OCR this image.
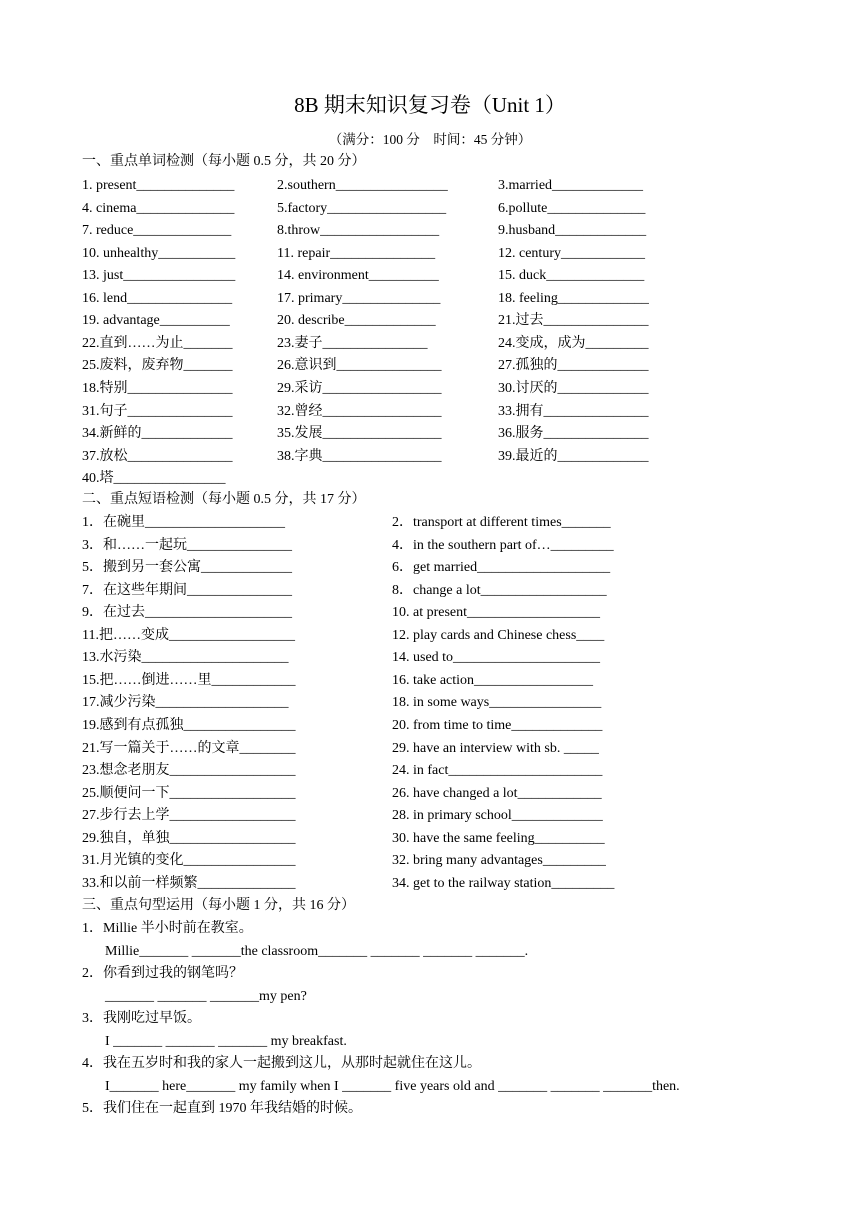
8B 期末知识复习卷（Unit 1）
（满分：100 分　时间：45 分钟）
一、重点单词检测（每小题 0.5 分，共 20 分）
1. present______________	2.southern________________	3.married_____________
4. cinema______________	5.factory_________________	6.pollute______________
7. reduce______________	8.throw_________________	9.husband_____________
10. unhealthy___________	11. repair_______________	12. century____________
13. just________________	14. environment__________	15. duck______________
16. lend_______________	17. primary______________	18. feeling_____________
19. advantage__________	20. describe_____________	21.过去_______________
22.直到……为止_______	23.妻子_______________	24.变成，成为_________
25.废料，废弃物_______	26.意识到_______________	27.孤独的_____________
18.特别_______________	29.采访_________________	30.讨厌的_____________
31.句子_______________	32.曾经_________________	33.拥有_______________
34.新鲜的_____________	35.发展_________________	36.服务_______________
37.放松_______________	38.字典_________________	39.最近的_____________
40.塔________________
二、重点短语检测（每小题 0.5 分，共 17 分）
1．在碗里____________________	2．transport at different times_______
3．和……一起玩_______________	4．in the southern part of…_________
5．搬到另一套公寓_____________	6．get married___________________
7．在这些年期间_______________	8．change a lot__________________
9．在过去_____________________	10. at present___________________
11.把……变成__________________	12. play cards and Chinese chess____
13.水污染_____________________	14. used to_____________________
15.把……倒进……里____________	16. take action_________________
17.减少污染___________________	18. in some ways________________
19.感到有点孤独________________	20. from time to time_____________
21.写一篇关于……的文章________	29. have an interview with sb. _____
23.想念老朋友__________________	24. in fact______________________
25.顺便问一下__________________	26. have changed a lot____________
27.步行去上学__________________	28. in primary school_____________
29.独自，单独__________________	30. have the same feeling__________
31.月光镇的变化________________	32. bring many advantages_________
33.和以前一样频繁______________	34. get to the railway station_________
三、重点句型运用（每小题 1 分，共 16 分）
1．Millie 半小时前在教室。
Millie_______ _______the classroom_______ _______ _______ _______.
2．你看到过我的钢笔吗？
_______ _______ _______my pen?
3．我刚吃过早饭。
I _______ _______ _______ my breakfast.
4．我在五岁时和我的家人一起搬到这儿，从那时起就住在这儿。
I_______ here_______ my family when I _______ five years old and _______ _______ _______then.
5．我们住在一起直到 1970 年我结婚的时候。
